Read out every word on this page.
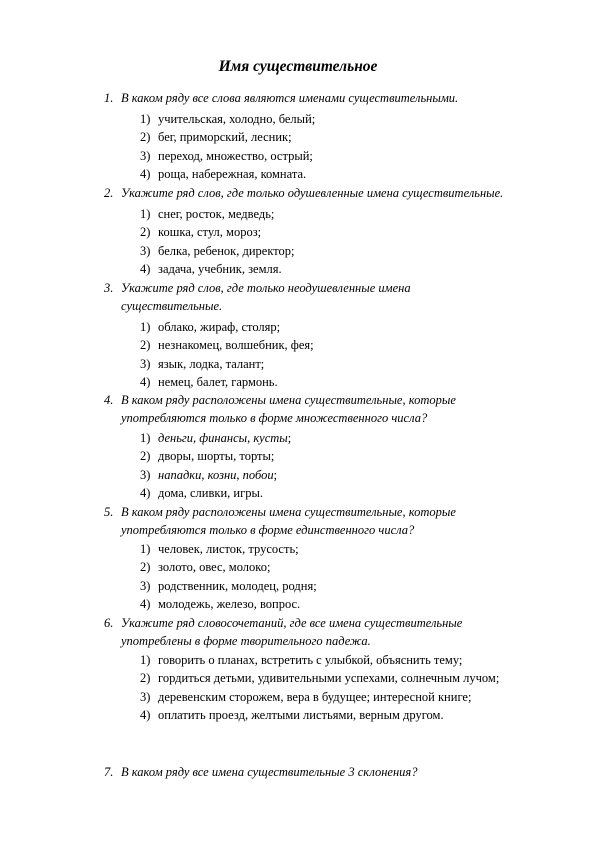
Имя существительное
1. В каком ряду все слова являются именами существительными.
1) учительская, холодно, белый;
2) бег, приморский, лесник;
3) переход, множество, острый;
4) роща, набережная, комната.
2. Укажите ряд слов, где только одушевленные имена существительные.
1) снег, росток, медведь;
2) кошка, стул, мороз;
3) белка, ребенок, директор;
4) задача, учебник, земля.
3. Укажите ряд слов, где только неодушевленные имена
существительные.
1) облако, жираф, столяр;
2) незнакомец, волшебник, фея;
3) язык, лодка, талант;
4) немец, балет, гармонь.
4. В каком ряду расположены имена существительные, которые
употребляются только в форме множественного числа?
1) деньги, финансы, кусты;
2) дворы, шорты, торты;
3) нападки, козни, побои;
4) дома, сливки, игры.
5. В каком ряду расположены имена существительные, которые
употребляются только в форме единственного числа?
1) человек, листок, трусость;
2) золото, овес, молоко;
3) родственник, молодец, родня;
4) молодежь, железо, вопрос.
6. Укажите ряд словосочетаний, где все имена существительные
употреблены в форме творительного падежа.
1) говорить о планах, встретить с улыбкой, объяснить тему;
2) гордиться детьми, удивительными успехами, солнечным лучом;
3) деревенским сторожем, вера в будущее; интересной книге;
4) оплатить проезд, желтыми листьями, верным другом.
7. В каком ряду все имена существительные 3 склонения?
